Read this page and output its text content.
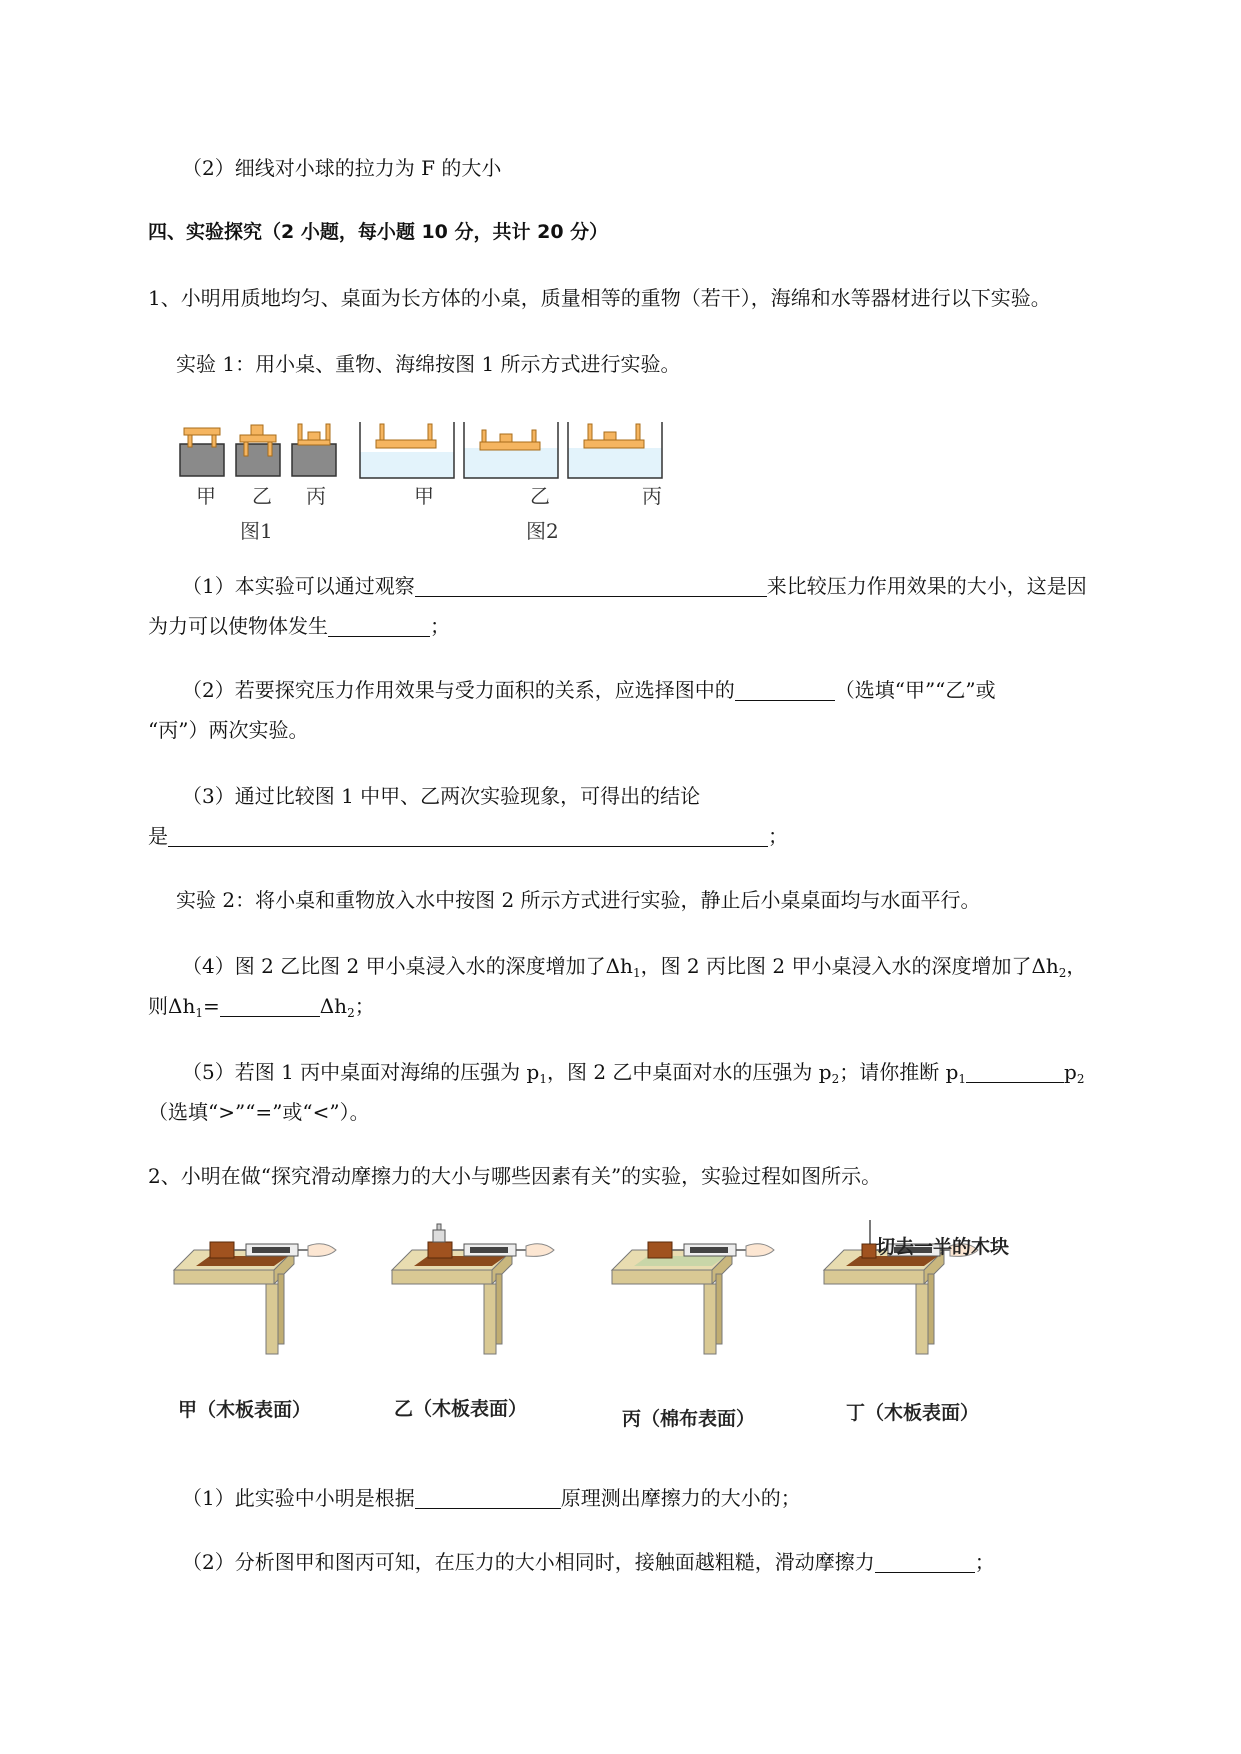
（2）细线对小球的拉力为 F 的大小
四、实验探究（2 小题，每小题 10 分，共计 20 分）
1、小明用质地均匀、桌面为长方体的小桌，质量相等的重物（若干），海绵和水等器材进行以下实验。
实验 1：用小桌、重物、海绵按图 1 所示方式进行实验。
甲 乙 丙
图1
甲	乙	丙
图2
（1）本实验可以通过观察	来比较压力作用效果的大小，这是因
为力可以使物体发生	；
（2）若要探究压力作用效果与受力面积的关系，应选择图中的	（选填“甲”“乙”或
“丙”）两次实验。
（3）通过比较图 1 中甲、乙两次实验现象，可得出的结论
是	；
实验 2：将小桌和重物放入水中按图 2 所示方式进行实验，静止后小桌桌面均与水面平行。
（4）图 2 乙比图 2 甲小桌浸入水的深度增加了$\Delta h_1$，图 2 丙比图 2 甲小桌浸入水的深度增加了$\Delta h_2$，
则$\Delta h_1=$	$\Delta h_2$；
（5）若图 1 丙中桌面对海绵的压强为 $p_1$，图 2 乙中桌面对水的压强为 $p_2$；请你推断 $p_1$	$p_2$
（选填“>”“=”或“<”）。
2、小明在做“探究滑动摩擦力的大小与哪些因素有关”的实验，实验过程如图所示。
切去一半的木块
甲（木板表面）	乙（木板表面）	丙（棉布表面）	丁（木板表面）
（1）此实验中小明是根据	原理测出摩擦力的大小的；
（2）分析图甲和图丙可知，在压力的大小相同时，接触面越粗糙，滑动摩擦力	；
